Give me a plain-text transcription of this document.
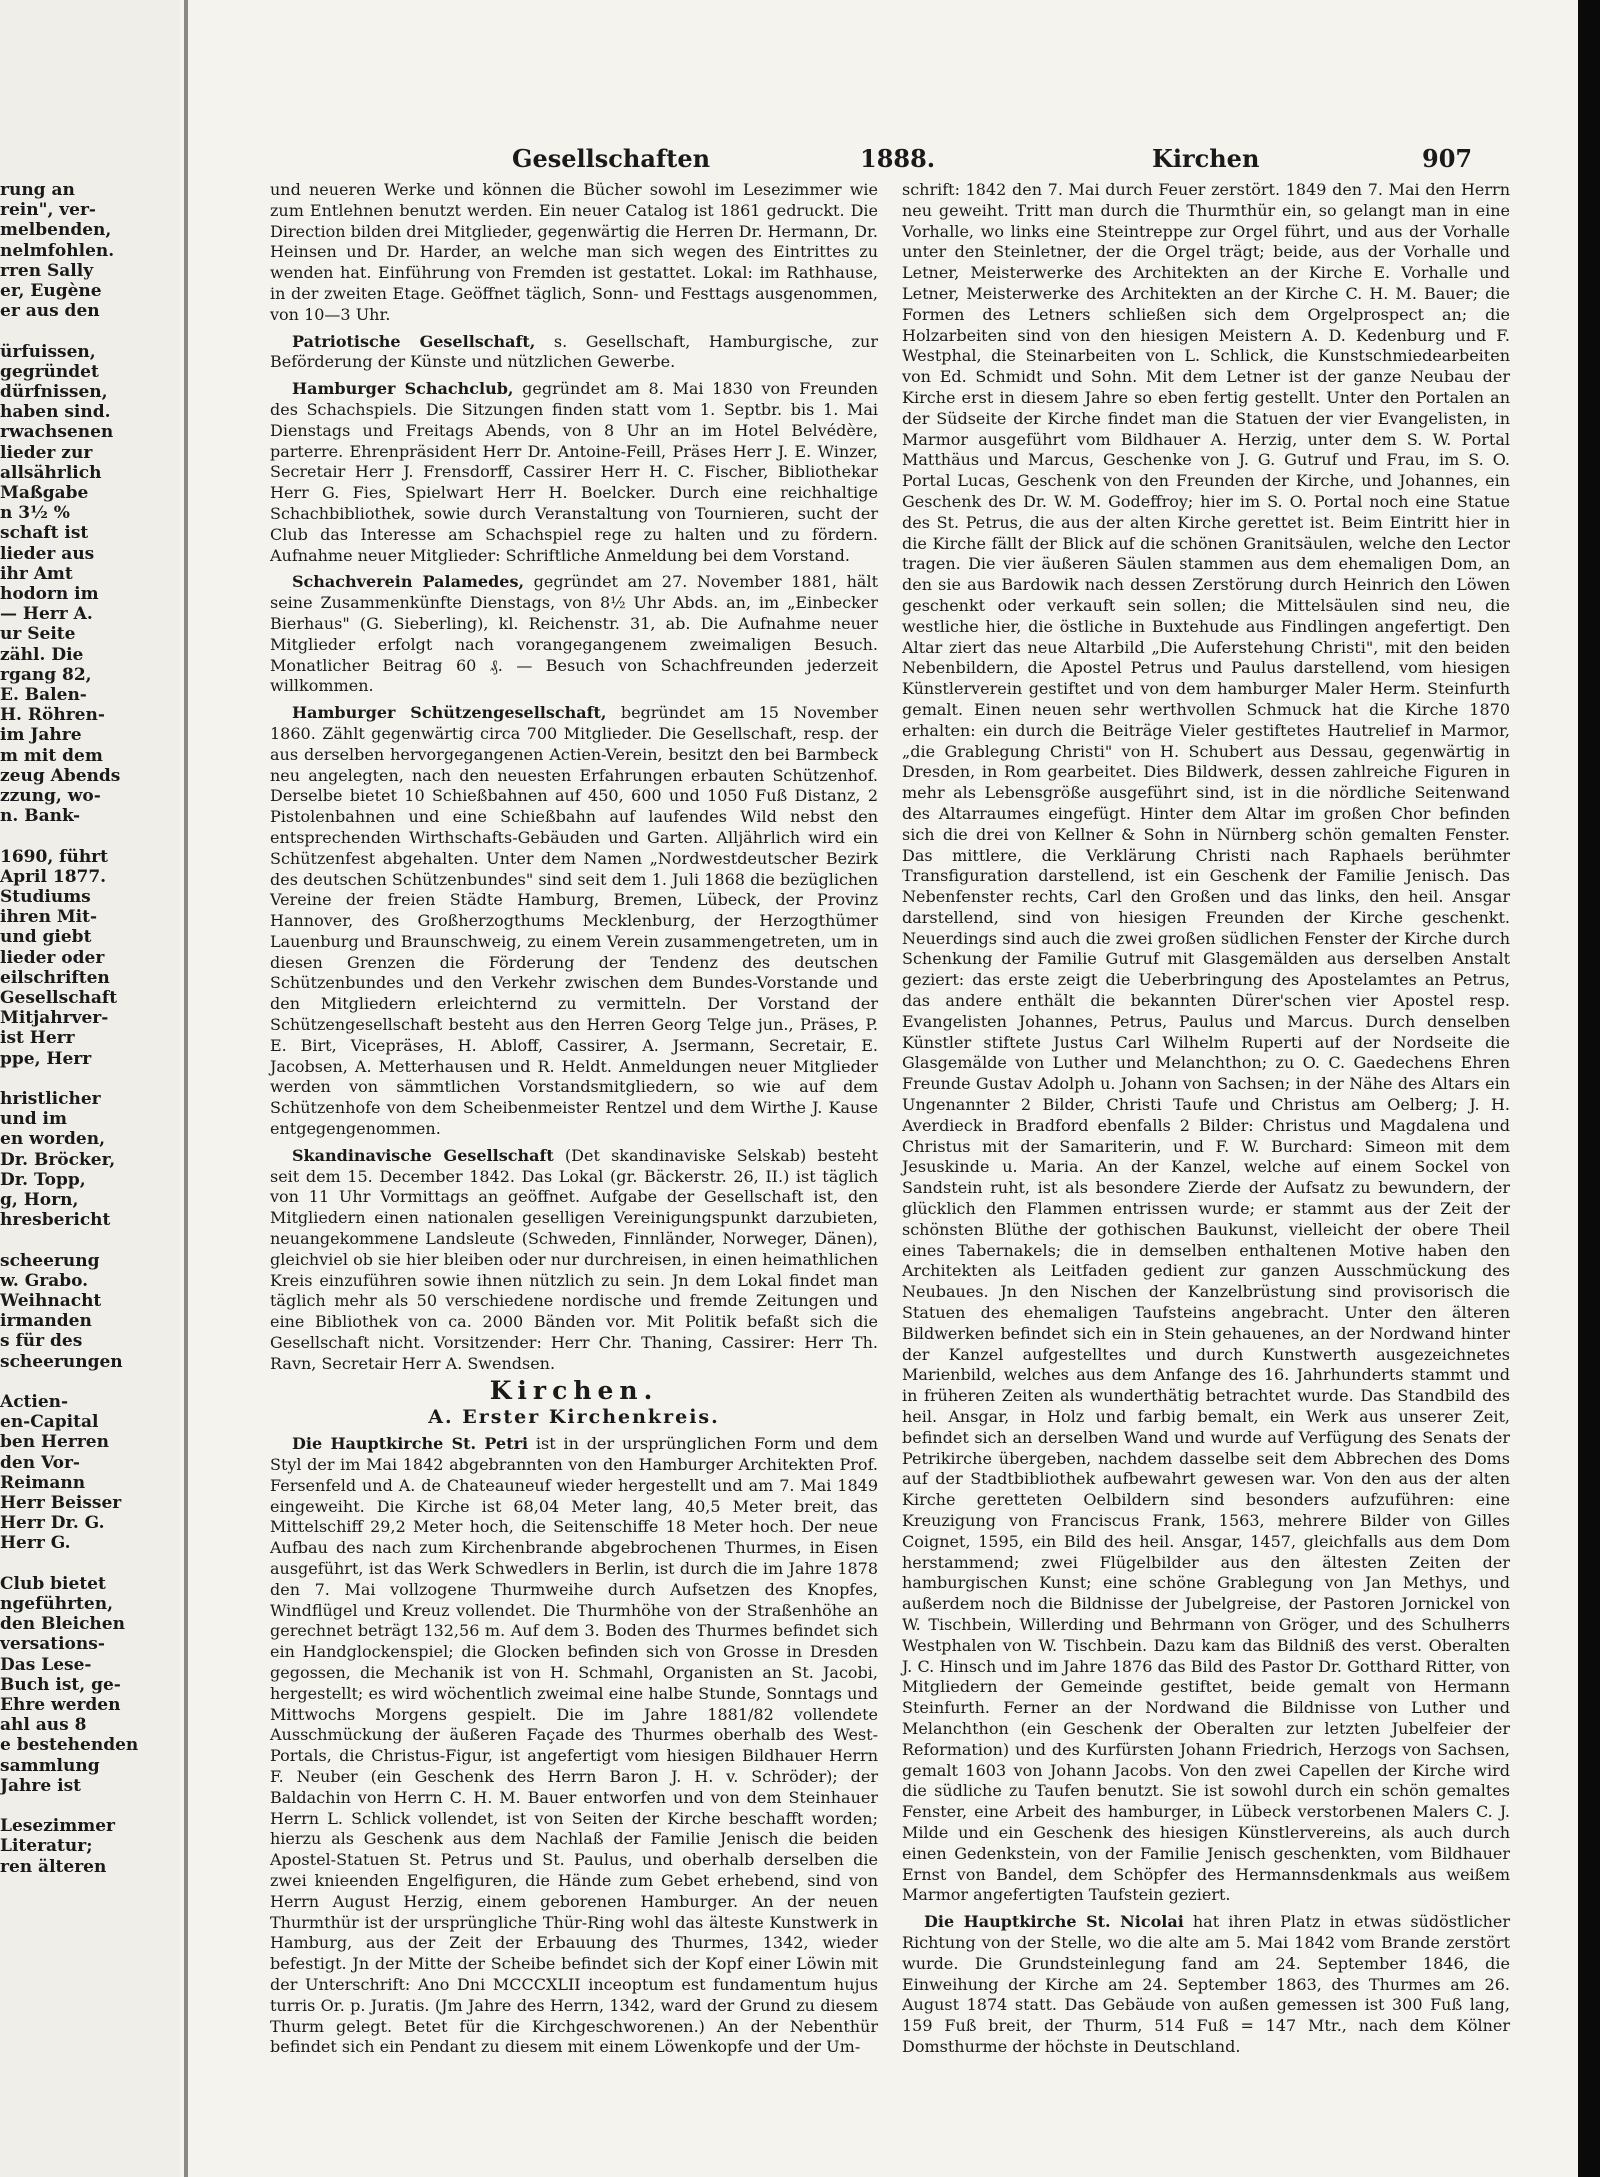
rung an
rein", ver-
melbenden,
nelmfohlen.
rren Sally
er, Eugène
er aus den
ürfuissen,
gegründet
dürfnissen,
haben sind.
rwachsenen
lieder zur
allsährlich
Maßgabe
n 3½ %
schaft ist
lieder aus
ihr Amt
hodorn im
— Herr A.
ur Seite
zähl. Die
rgang 82,
E. Balen-
H. Röhren-
im Jahre
m mit dem
zeug Abends
zzung, wo-
n. Bank-
1690, führt
April 1877.
Studiums
ihren Mit-
und giebt
lieder oder
eilschriften
Gesellschaft
Mitjahrver-
ist Herr
ppe, Herr
hristlicher
und im
en worden,
Dr. Bröcker,
Dr. Topp,
g, Horn,
hresbericht
scheerung
w. Grabo.
Weihnacht
irmanden
s für des
scheerungen
Actien-
en-Capital
ben Herren
den Vor-
Reimann
Herr Beisser
Herr Dr. G.
Herr G.
Club bietet
ngeführten,
den Bleichen
versations-
Das Lese-
Buch ist, ge-
Ehre werden
ahl aus 8
e bestehenden
sammlung
Jahre ist
Lesezimmer
Literatur;
ren älteren
Gesellschaften	1888.	Kirchen	907

und neueren Werke und können die Bücher sowohl im Lesezimmer wie zum Entlehnen benutzt werden. Ein neuer Catalog ist 1861 gedruckt. Die Direction bilden drei Mitglieder, gegenwärtig die Herren Dr. Hermann, Dr. Heinsen und Dr. Harder, an welche man sich wegen des Eintrittes zu wenden hat. Einführung von Fremden ist gestattet. Lokal: im Rathhause, in der zweiten Etage. Geöffnet täglich, Sonn- und Festtags ausgenommen, von 10—3 Uhr.

Patriotische Gesellschaft, s. Gesellschaft, Hamburgische, zur Beförderung der Künste und nützlichen Gewerbe.

Hamburger Schachclub, gegründet am 8. Mai 1830 von Freunden des Schachspiels. Die Sitzungen finden statt vom 1. Septbr. bis 1. Mai Dienstags und Freitags Abends, von 8 Uhr an im Hotel Belvédère, parterre. Ehrenpräsident Herr Dr. Antoine-Feill, Präses Herr J. E. Winzer, Secretair Herr J. Frensdorff, Cassirer Herr H. C. Fischer, Bibliothekar Herr G. Fies, Spielwart Herr H. Boelcker. Durch eine reichhaltige Schachbibliothek, sowie durch Veranstaltung von Tournieren, sucht der Club das Interesse am Schachspiel rege zu halten und zu fördern. Aufnahme neuer Mitglieder: Schriftliche Anmeldung bei dem Vorstand.

Schachverein Palamedes, gegründet am 27. November 1881, hält seine Zusammenkünfte Dienstags, von 8½ Uhr Abds. an, im „Einbecker Bierhaus" (G. Sieberling), kl. Reichenstr. 31, ab. Die Aufnahme neuer Mitglieder erfolgt nach vorangegangenem zweimaligen Besuch. Monatlicher Beitrag 60 ₰. — Besuch von Schachfreunden jederzeit willkommen.

Hamburger Schützengesellschaft, begründet am 15 November 1860. Zählt gegenwärtig circa 700 Mitglieder. Die Gesellschaft, resp. der aus derselben hervorgegangenen Actien-Verein, besitzt den bei Barmbeck neu angelegten, nach den neuesten Erfahrungen erbauten Schützenhof. Derselbe bietet 10 Schießbahnen auf 450, 600 und 1050 Fuß Distanz, 2 Pistolenbahnen und eine Schießbahn auf laufendes Wild nebst den entsprechenden Wirthschafts-Gebäuden und Garten. Alljährlich wird ein Schützenfest abgehalten. Unter dem Namen „Nordwestdeutscher Bezirk des deutschen Schützenbundes" sind seit dem 1. Juli 1868 die bezüglichen Vereine der freien Städte Hamburg, Bremen, Lübeck, der Provinz Hannover, des Großherzogthums Mecklenburg, der Herzogthümer Lauenburg und Braunschweig, zu einem Verein zusammengetreten, um in diesen Grenzen die Förderung der Tendenz des deutschen Schützenbundes und den Verkehr zwischen dem Bundes-Vorstande und den Mitgliedern erleichternd zu vermitteln. Der Vorstand der Schützengesellschaft besteht aus den Herren Georg Telge jun., Präses, P. E. Birt, Vicepräses, H. Abloff, Cassirer, A. Jsermann, Secretair, E. Jacobsen, A. Metterhausen und R. Heldt. Anmeldungen neuer Mitglieder werden von sämmtlichen Vorstandsmitgliedern, so wie auf dem Schützenhofe von dem Scheibenmeister Rentzel und dem Wirthe J. Kause entgegengenommen.

Skandinavische Gesellschaft (Det skandinaviske Selskab) besteht seit dem 15. December 1842. Das Lokal (gr. Bäckerstr. 26, II.) ist täglich von 11 Uhr Vormittags an geöffnet. Aufgabe der Gesellschaft ist, den Mitgliedern einen nationalen geselligen Vereinigungspunkt darzubieten, neuangekommene Landsleute (Schweden, Finnländer, Norweger, Dänen), gleichviel ob sie hier bleiben oder nur durchreisen, in einen heimathlichen Kreis einzuführen sowie ihnen nützlich zu sein. Jn dem Lokal findet man täglich mehr als 50 verschiedene nordische und fremde Zeitungen und eine Bibliothek von ca. 2000 Bänden vor. Mit Politik befaßt sich die Gesellschaft nicht. Vorsitzender: Herr Chr. Thaning, Cassirer: Herr Th. Ravn, Secretair Herr A. Swendsen.

Kirchen.

A. Erster Kirchenkreis.

Die Hauptkirche St. Petri ist in der ursprünglichen Form und dem Styl der im Mai 1842 abgebrannten von den Hamburger Architekten Prof. Fersenfeld und A. de Chateauneuf wieder hergestellt und am 7. Mai 1849 eingeweiht. Die Kirche ist 68,04 Meter lang, 40,5 Meter breit, das Mittelschiff 29,2 Meter hoch, die Seitenschiffe 18 Meter hoch. Der neue Aufbau des nach zum Kirchenbrande abgebrochenen Thurmes, in Eisen ausgeführt, ist das Werk Schwedlers in Berlin, ist durch die im Jahre 1878 den 7. Mai vollzogene Thurmweihe durch Aufsetzen des Knopfes, Windflügel und Kreuz vollendet. Die Thurmhöhe von der Straßenhöhe an gerechnet beträgt 132,56 m. Auf dem 3. Boden des Thurmes befindet sich ein Handglockenspiel; die Glocken befinden sich von Grosse in Dresden gegossen, die Mechanik ist von H. Schmahl, Organisten an St. Jacobi, hergestellt; es wird wöchentlich zweimal eine halbe Stunde, Sonntags und Mittwochs Morgens gespielt. Die im Jahre 1881/82 vollendete Ausschmückung der äußeren Façade des Thurmes oberhalb des West-Portals, die Christus-Figur, ist angefertigt vom hiesigen Bildhauer Herrn F. Neuber (ein Geschenk des Herrn Baron J. H. v. Schröder); der Baldachin von Herrn C. H. M. Bauer entworfen und von dem Steinhauer Herrn L. Schlick vollendet, ist von Seiten der Kirche beschafft worden; hierzu als Geschenk aus dem Nachlaß der Familie Jenisch die beiden Apostel-Statuen St. Petrus und St. Paulus, und oberhalb derselben die zwei knieenden Engelfiguren, die Hände zum Gebet erhebend, sind von Herrn August Herzig, einem geborenen Hamburger. An der neuen Thurmthür ist der ursprüngliche Thür-Ring wohl das älteste Kunstwerk in Hamburg, aus der Zeit der Erbauung des Thurmes, 1342, wieder befestigt. Jn der Mitte der Scheibe befindet sich der Kopf einer Löwin mit der Unterschrift: Ano Dni MCCCXLII inceoptum est fundamentum hujus turris Or. p. Juratis. (Jm Jahre des Herrn, 1342, ward der Grund zu diesem Thurm gelegt. Betet für die Kirchgeschworenen.) An der Nebenthür befindet sich ein Pendant zu diesem mit einem Löwenkopfe und der Um-

schrift: 1842 den 7. Mai durch Feuer zerstört. 1849 den 7. Mai den Herrn neu geweiht. Tritt man durch die Thurmthür ein, so gelangt man in eine Vorhalle, wo links eine Steintreppe zur Orgel führt, und aus der Vorhalle unter den Steinletner, der die Orgel trägt; beide, aus der Vorhalle und Letner, Meisterwerke des Architekten an der Kirche E. Vorhalle und Letner, Meisterwerke des Architekten an der Kirche C. H. M. Bauer; die Formen des Letners schließen sich dem Orgelprospect an; die Holzarbeiten sind von den hiesigen Meistern A. D. Kedenburg und F. Westphal, die Steinarbeiten von L. Schlick, die Kunstschmiedearbeiten von Ed. Schmidt und Sohn. Mit dem Letner ist der ganze Neubau der Kirche erst in diesem Jahre so eben fertig gestellt. Unter den Portalen an der Südseite der Kirche findet man die Statuen der vier Evangelisten, in Marmor ausgeführt vom Bildhauer A. Herzig, unter dem S. W. Portal Matthäus und Marcus, Geschenke von J. G. Gutruf und Frau, im S. O. Portal Lucas, Geschenk von den Freunden der Kirche, und Johannes, ein Geschenk des Dr. W. M. Godeffroy; hier im S. O. Portal noch eine Statue des St. Petrus, die aus der alten Kirche gerettet ist. Beim Eintritt hier in die Kirche fällt der Blick auf die schönen Granitsäulen, welche den Lector tragen. Die vier äußeren Säulen stammen aus dem ehemaligen Dom, an den sie aus Bardowik nach dessen Zerstörung durch Heinrich den Löwen geschenkt oder verkauft sein sollen; die Mittelsäulen sind neu, die westliche hier, die östliche in Buxtehude aus Findlingen angefertigt. Den Altar ziert das neue Altarbild „Die Auferstehung Christi", mit den beiden Nebenbildern, die Apostel Petrus und Paulus darstellend, vom hiesigen Künstlerverein gestiftet und von dem hamburger Maler Herm. Steinfurth gemalt. Einen neuen sehr werthvollen Schmuck hat die Kirche 1870 erhalten: ein durch die Beiträge Vieler gestiftetes Hautrelief in Marmor, „die Grablegung Christi" von H. Schubert aus Dessau, gegenwärtig in Dresden, in Rom gearbeitet. Dies Bildwerk, dessen zahlreiche Figuren in mehr als Lebensgröße ausgeführt sind, ist in die nördliche Seitenwand des Altarraumes eingefügt. Hinter dem Altar im großen Chor befinden sich die drei von Kellner & Sohn in Nürnberg schön gemalten Fenster. Das mittlere, die Verklärung Christi nach Raphaels berühmter Transfiguration darstellend, ist ein Geschenk der Familie Jenisch. Das Nebenfenster rechts, Carl den Großen und das links, den heil. Ansgar darstellend, sind von hiesigen Freunden der Kirche geschenkt. Neuerdings sind auch die zwei großen südlichen Fenster der Kirche durch Schenkung der Familie Gutruf mit Glasgemälden aus derselben Anstalt geziert: das erste zeigt die Ueberbringung des Apostelamtes an Petrus, das andere enthält die bekannten Dürer'schen vier Apostel resp. Evangelisten Johannes, Petrus, Paulus und Marcus. Durch denselben Künstler stiftete Justus Carl Wilhelm Ruperti auf der Nordseite die Glasgemälde von Luther und Melanchthon; zu O. C. Gaedechens Ehren Freunde Gustav Adolph u. Johann von Sachsen; in der Nähe des Altars ein Ungenannter 2 Bilder, Christi Taufe und Christus am Oelberg; J. H. Averdieck in Bradford ebenfalls 2 Bilder: Christus und Magdalena und Christus mit der Samariterin, und F. W. Burchard: Simeon mit dem Jesuskinde u. Maria. An der Kanzel, welche auf einem Sockel von Sandstein ruht, ist als besondere Zierde der Aufsatz zu bewundern, der glücklich den Flammen entrissen wurde; er stammt aus der Zeit der schönsten Blüthe der gothischen Baukunst, vielleicht der obere Theil eines Tabernakels; die in demselben enthaltenen Motive haben den Architekten als Leitfaden gedient zur ganzen Ausschmückung des Neubaues. Jn den Nischen der Kanzelbrüstung sind provisorisch die Statuen des ehemaligen Taufsteins angebracht. Unter den älteren Bildwerken befindet sich ein in Stein gehauenes, an der Nordwand hinter der Kanzel aufgestelltes und durch Kunstwerth ausgezeichnetes Marienbild, welches aus dem Anfange des 16. Jahrhunderts stammt und in früheren Zeiten als wunderthätig betrachtet wurde. Das Standbild des heil. Ansgar, in Holz und farbig bemalt, ein Werk aus unserer Zeit, befindet sich an derselben Wand und wurde auf Verfügung des Senats der Petrikirche übergeben, nachdem dasselbe seit dem Abbrechen des Doms auf der Stadtbibliothek aufbewahrt gewesen war. Von den aus der alten Kirche geretteten Oelbildern sind besonders aufzuführen: eine Kreuzigung von Franciscus Frank, 1563, mehrere Bilder von Gilles Coignet, 1595, ein Bild des heil. Ansgar, 1457, gleichfalls aus dem Dom herstammend; zwei Flügelbilder aus den ältesten Zeiten der hamburgischen Kunst; eine schöne Grablegung von Jan Methys, und außerdem noch die Bildnisse der Jubelgreise, der Pastoren Jornickel von W. Tischbein, Willerding und Behrmann von Gröger, und des Schulherrs Westphalen von W. Tischbein. Dazu kam das Bildniß des verst. Oberalten J. C. Hinsch und im Jahre 1876 das Bild des Pastor Dr. Gotthard Ritter, von Mitgliedern der Gemeinde gestiftet, beide gemalt von Hermann Steinfurth. Ferner an der Nordwand die Bildnisse von Luther und Melanchthon (ein Geschenk der Oberalten zur letzten Jubelfeier der Reformation) und des Kurfürsten Johann Friedrich, Herzogs von Sachsen, gemalt 1603 von Johann Jacobs. Von den zwei Capellen der Kirche wird die südliche zu Taufen benutzt. Sie ist sowohl durch ein schön gemaltes Fenster, eine Arbeit des hamburger, in Lübeck verstorbenen Malers C. J. Milde und ein Geschenk des hiesigen Künstlervereins, als auch durch einen Gedenkstein, von der Familie Jenisch geschenkten, vom Bildhauer Ernst von Bandel, dem Schöpfer des Hermannsdenkmals aus weißem Marmor angefertigten Taufstein geziert.

Die Hauptkirche St. Nicolai hat ihren Platz in etwas südöstlicher Richtung von der Stelle, wo die alte am 5. Mai 1842 vom Brande zerstört wurde. Die Grundsteinlegung fand am 24. September 1846, die Einweihung der Kirche am 24. September 1863, des Thurmes am 26. August 1874 statt. Das Gebäude von außen gemessen ist 300 Fuß lang, 159 Fuß breit, der Thurm, 514 Fuß = 147 Mtr., nach dem Kölner Domsthurme der höchste in Deutschland.
